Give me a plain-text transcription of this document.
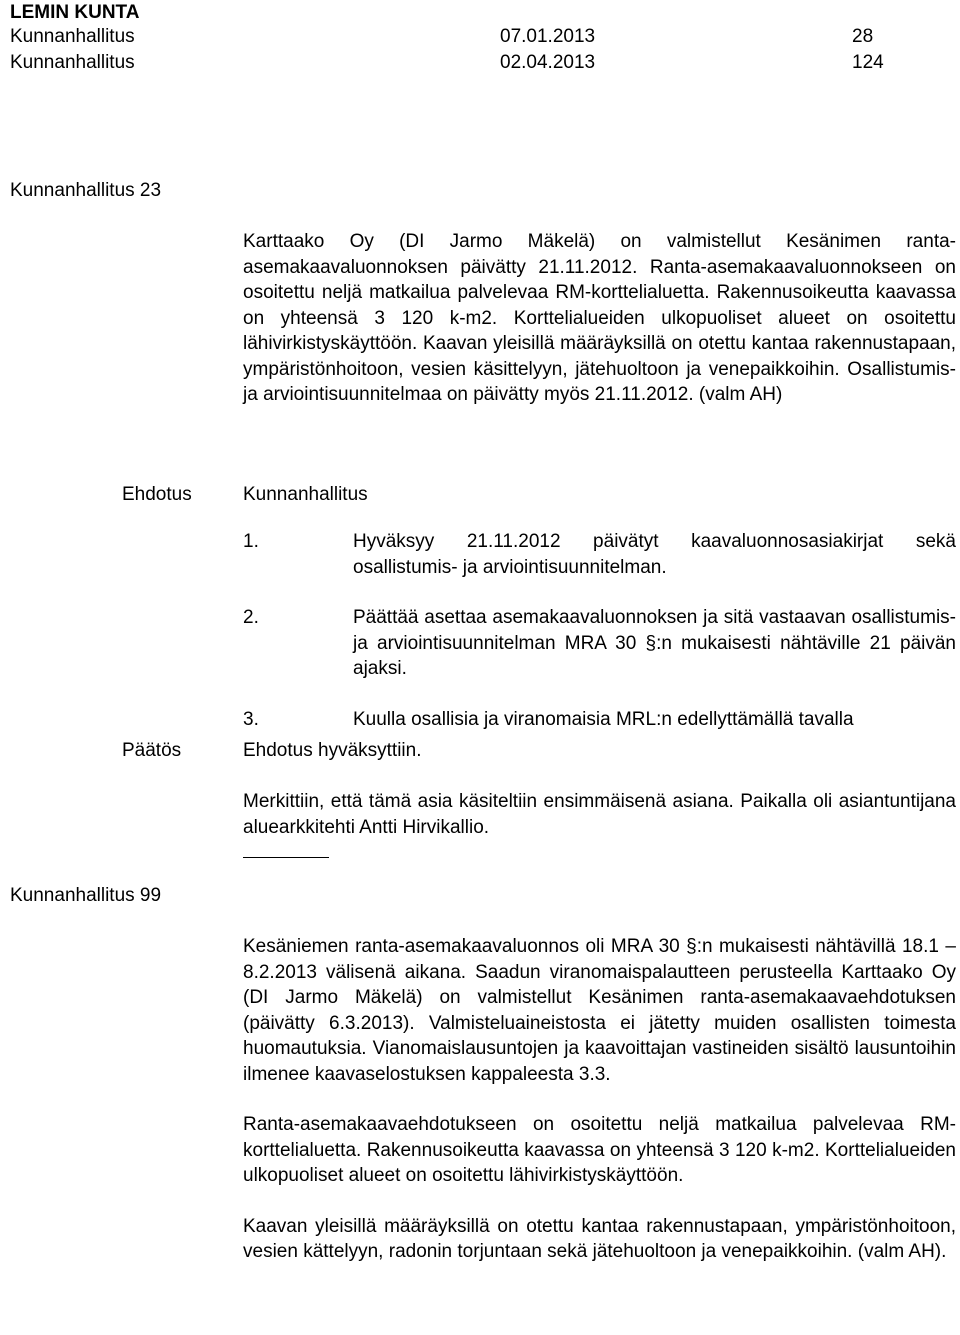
LEMIN KUNTA
Kunnanhallitus	07.01.2013	28
Kunnanhallitus	02.04.2013	124
Kunnanhallitus 23

Karttaako Oy (DI Jarmo Mäkelä) on valmistellut Kesänimen ranta-asemakaavaluonnoksen päivätty 21.11.2012. Ranta-asemakaavaluonnokseen on osoitettu neljä matkailua palvelevaa RM-korttelialuetta. Rakennusoikeutta kaavassa on yhteensä 3 120 k-m2. Korttelialueiden ulkopuoliset alueet on osoitettu lähivirkistyskäyttöön. Kaavan yleisillä määräyksillä on otettu kantaa rakennustapaan, ympäristönhoitoon, vesien käsittelyyn, jätehuoltoon ja venepaikkoihin. Osallistumis- ja arviointisuunnitelmaa on päivätty myös 21.11.2012. (valm AH)

Ehdotus	Kunnanhallitus
1.	Hyväksyy 21.11.2012 päivätyt kaavaluonnosasiakirjat sekä osallistumis- ja arviointisuunnitelman.
2.	Päättää asettaa asemakaavaluonnoksen ja sitä vastaavan osallistumis- ja arviointisuunnitelman MRA 30 §:n mukaisesti nähtäville 21 päivän ajaksi.
3.	Kuulla osallisia ja viranomaisia MRL:n edellyttämällä tavalla
Päätös	Ehdotus hyväksyttiin.

Merkittiin, että tämä asia käsiteltiin ensimmäisenä asiana. Paikalla oli asiantuntijana aluearkkitehti Antti Hirvikallio.

Kunnanhallitus 99

Kesäniemen ranta-asemakaavaluonnos oli MRA 30 §:n mukaisesti nähtävillä 18.1 – 8.2.2013 välisenä aikana. Saadun viranomaispalautteen perusteella Karttaako Oy (DI Jarmo Mäkelä) on valmistellut Kesänimen ranta-asemakaavaehdotuksen (päivätty 6.3.2013). Valmisteluaineistosta ei jätetty muiden osallisten toimesta huomautuksia. Vianomaislausuntojen ja kaavoittajan vastineiden sisältö lausuntoihin ilmenee kaavaselostuksen kappaleesta 3.3.

Ranta-asemakaavaehdotukseen on osoitettu neljä matkailua palvelevaa RM-korttelialuetta. Rakennusoikeutta kaavassa on yhteensä 3 120 k-m2. Korttelialueiden ulkopuoliset alueet on osoitettu lähivirkistyskäyttöön.

Kaavan yleisillä määräyksillä on otettu kantaa rakennustapaan, ympäristönhoitoon, vesien kättelyyn, radonin torjuntaan sekä jätehuoltoon ja venepaikkoihin. (valm AH).
